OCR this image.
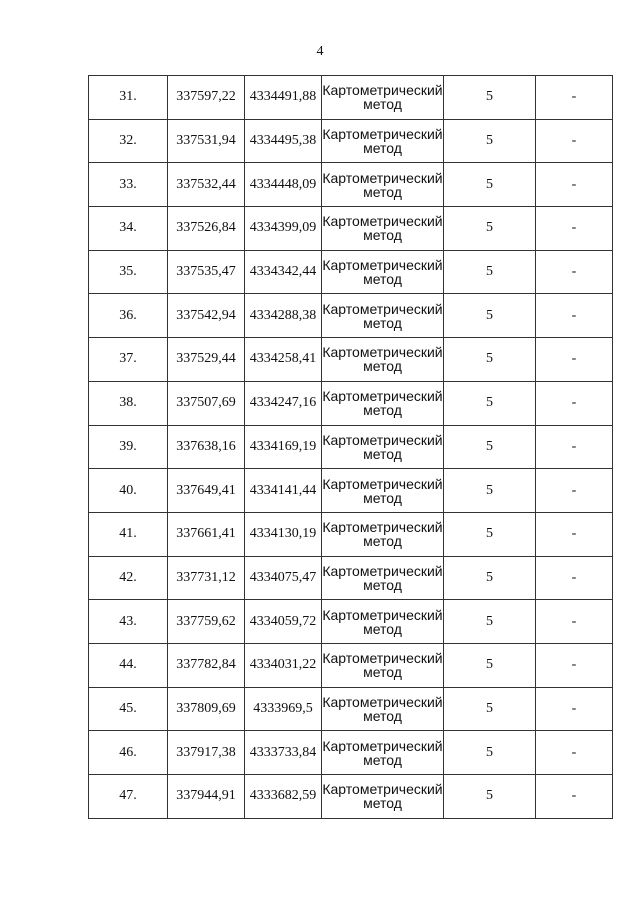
4
31.	337597,22	4334491,88	Картометрический метод	5	-
32.	337531,94	4334495,38	Картометрический метод	5	-
33.	337532,44	4334448,09	Картометрический метод	5	-
34.	337526,84	4334399,09	Картометрический метод	5	-
35.	337535,47	4334342,44	Картометрический метод	5	-
36.	337542,94	4334288,38	Картометрический метод	5	-
37.	337529,44	4334258,41	Картометрический метод	5	-
38.	337507,69	4334247,16	Картометрический метод	5	-
39.	337638,16	4334169,19	Картометрический метод	5	-
40.	337649,41	4334141,44	Картометрический метод	5	-
41.	337661,41	4334130,19	Картометрический метод	5	-
42.	337731,12	4334075,47	Картометрический метод	5	-
43.	337759,62	4334059,72	Картометрический метод	5	-
44.	337782,84	4334031,22	Картометрический метод	5	-
45.	337809,69	4333969,5	Картометрический метод	5	-
46.	337917,38	4333733,84	Картометрический метод	5	-
47.	337944,91	4333682,59	Картометрический метод	5	-
